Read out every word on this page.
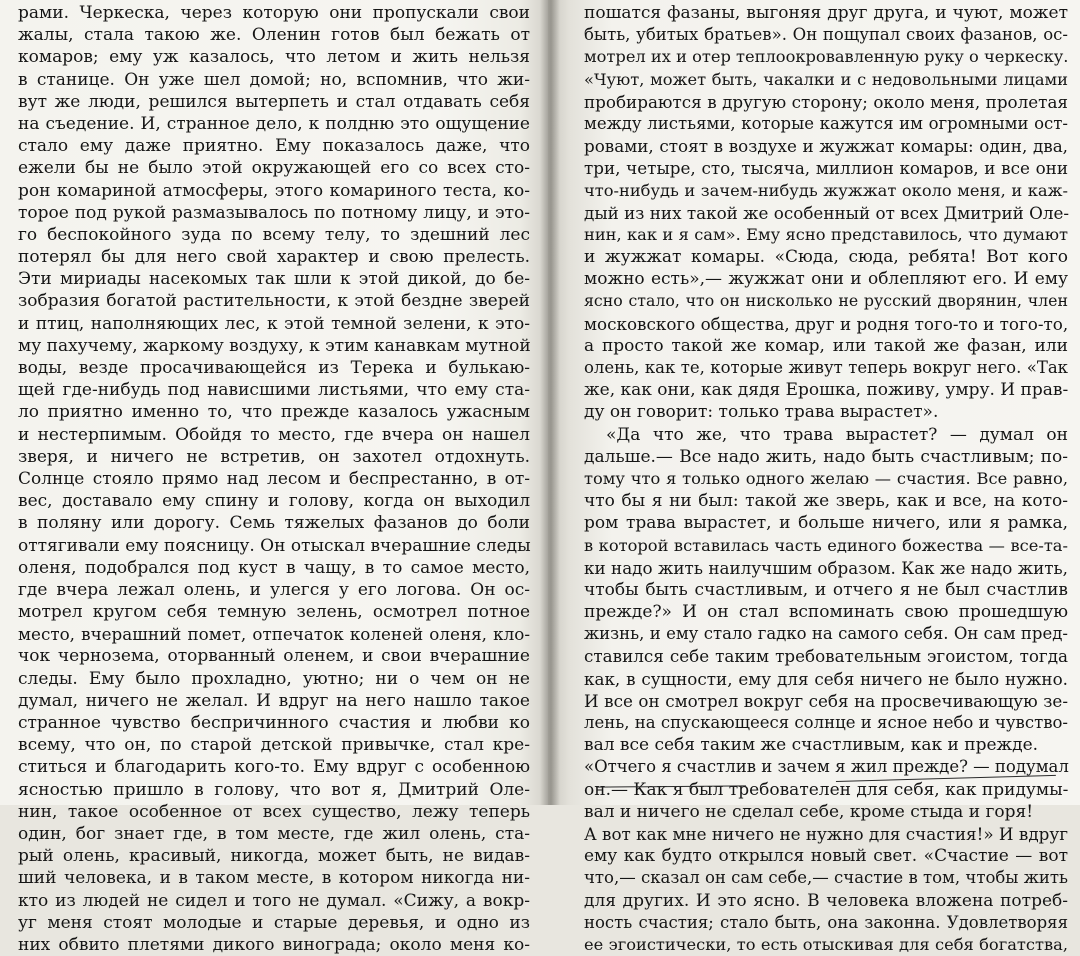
рами. Черкеска, через которую они пропускали свои
жалы, стала такою же. Оленин готов был бежать от
комаров; ему уж казалось, что летом и жить нельзя
в станице. Он уже шел домой; но, вспомнив, что жи-
вут же люди, решился вытерпеть и стал отдавать себя
на съедение. И, странное дело, к полдню это ощущение
стало ему даже приятно. Ему показалось даже, что
ежели бы не было этой окружающей его со всех сто-
рон комариной атмосферы, этого комариного теста, ко-
торое под рукой размазывалось по потному лицу, и это-
го беспокойного зуда по всему телу, то здешний лес
потерял бы для него свой характер и свою прелесть.
Эти мириады насекомых так шли к этой дикой, до бе-
зобразия богатой растительности, к этой бездне зверей
и птиц, наполняющих лес, к этой темной зелени, к это-
му пахучему, жаркому воздуху, к этим канавкам мутной
воды, везде просачивающейся из Терека и булькаю-
щей где-нибудь под нависшими листьями, что ему ста-
ло приятно именно то, что прежде казалось ужасным
и нестерпимым. Обойдя то место, где вчера он нашел
зверя, и ничего не встретив, он захотел отдохнуть.
Солнце стояло прямо над лесом и беспрестанно, в от-
вес, доставало ему спину и голову, когда он выходил
в поляну или дорогу. Семь тяжелых фазанов до боли
оттягивали ему поясницу. Он отыскал вчерашние следы
оленя, подобрался под куст в чащу, в то самое место,
где вчера лежал олень, и улегся у его логова. Он ос-
мотрел кругом себя темную зелень, осмотрел потное
место, вчерашний помет, отпечаток коленей оленя, кло-
чок чернозема, оторванный оленем, и свои вчерашние
следы. Ему было прохладно, уютно; ни о чем он не
думал, ничего не желал. И вдруг на него нашло такое
странное чувство беспричинного счастия и любви ко
всему, что он, по старой детской привычке, стал кре-
ститься и благодарить кого-то. Ему вдруг с особенною
ясностью пришло в голову, что вот я, Дмитрий Оле-
нин, такое особенное от всех существо, лежу теперь
один, бог знает где, в том месте, где жил олень, ста-
рый олень, красивый, никогда, может быть, не видав-
ший человека, и в таком месте, в котором никогда ни-
кто из людей не сидел и того не думал. «Сижу, а вокр-
уг меня стоят молодые и старые деревья, и одно из
них обвито плетями дикого винограда; около меня ко-
пошатся фазаны, выгоняя друг друга, и чуют, может
быть, убитых братьев». Он пощупал своих фазанов, ос-
мотрел их и отер теплоокровавленную руку о черкеску.
«Чуют, может быть, чакалки и с недовольными лицами
пробираются в другую сторону; около меня, пролетая
между листьями, которые кажутся им огромными ост-
ровами, стоят в воздухе и жужжат комары: один, два,
три, четыре, сто, тысяча, миллион комаров, и все они
что-нибудь и зачем-нибудь жужжат около меня, и каж-
дый из них такой же особенный от всех Дмитрий Оле-
нин, как и я сам». Ему ясно представилось, что думают
и жужжат комары. «Сюда, сюда, ребята! Вот кого
можно есть»,— жужжат они и облепляют его. И ему
ясно стало, что он нисколько не русский дворянин, член
московского общества, друг и родня того-то и того-то,
а просто такой же комар, или такой же фазан, или
олень, как те, которые живут теперь вокруг него. «Так
же, как они, как дядя Ерошка, поживу, умру. И прав-
ду он говорит: только трава вырастет».
«Да что же, что трава вырастет? — думал он
дальше.— Все надо жить, надо быть счастливым; по-
тому что я только одного желаю — счастия. Все равно,
что бы я ни был: такой же зверь, как и все, на кото-
ром трава вырастет, и больше ничего, или я рамка,
в которой вставилась часть единого божества — все-та-
ки надо жить наилучшим образом. Как же надо жить,
чтобы быть счастливым, и отчего я не был счастлив
прежде?» И он стал вспоминать свою прошедшую
жизнь, и ему стало гадко на самого себя. Он сам пред-
ставился себе таким требовательным эгоистом, тогда
как, в сущности, ему для себя ничего не было нужно.
И все он смотрел вокруг себя на просвечивающую зе-
лень, на спускающееся солнце и ясное небо и чувство-
вал все себя таким же счастливым, как и прежде.
«Отчего я счастлив и зачем я жил прежде? — подумал
он.— Как я был требователен для себя, как придумы-
вал и ничего не сделал себе, кроме стыда и горя!
А вот как мне ничего не нужно для счастия!» И вдруг
ему как будто открылся новый свет. «Счастие — вот
что,— сказал он сам себе,— счастие в том, чтобы жить
для других. И это ясно. В человека вложена потреб-
ность счастия; стало быть, она законна. Удовлетворяя
ее эгоистически, то есть отыскивая для себя богатства,
